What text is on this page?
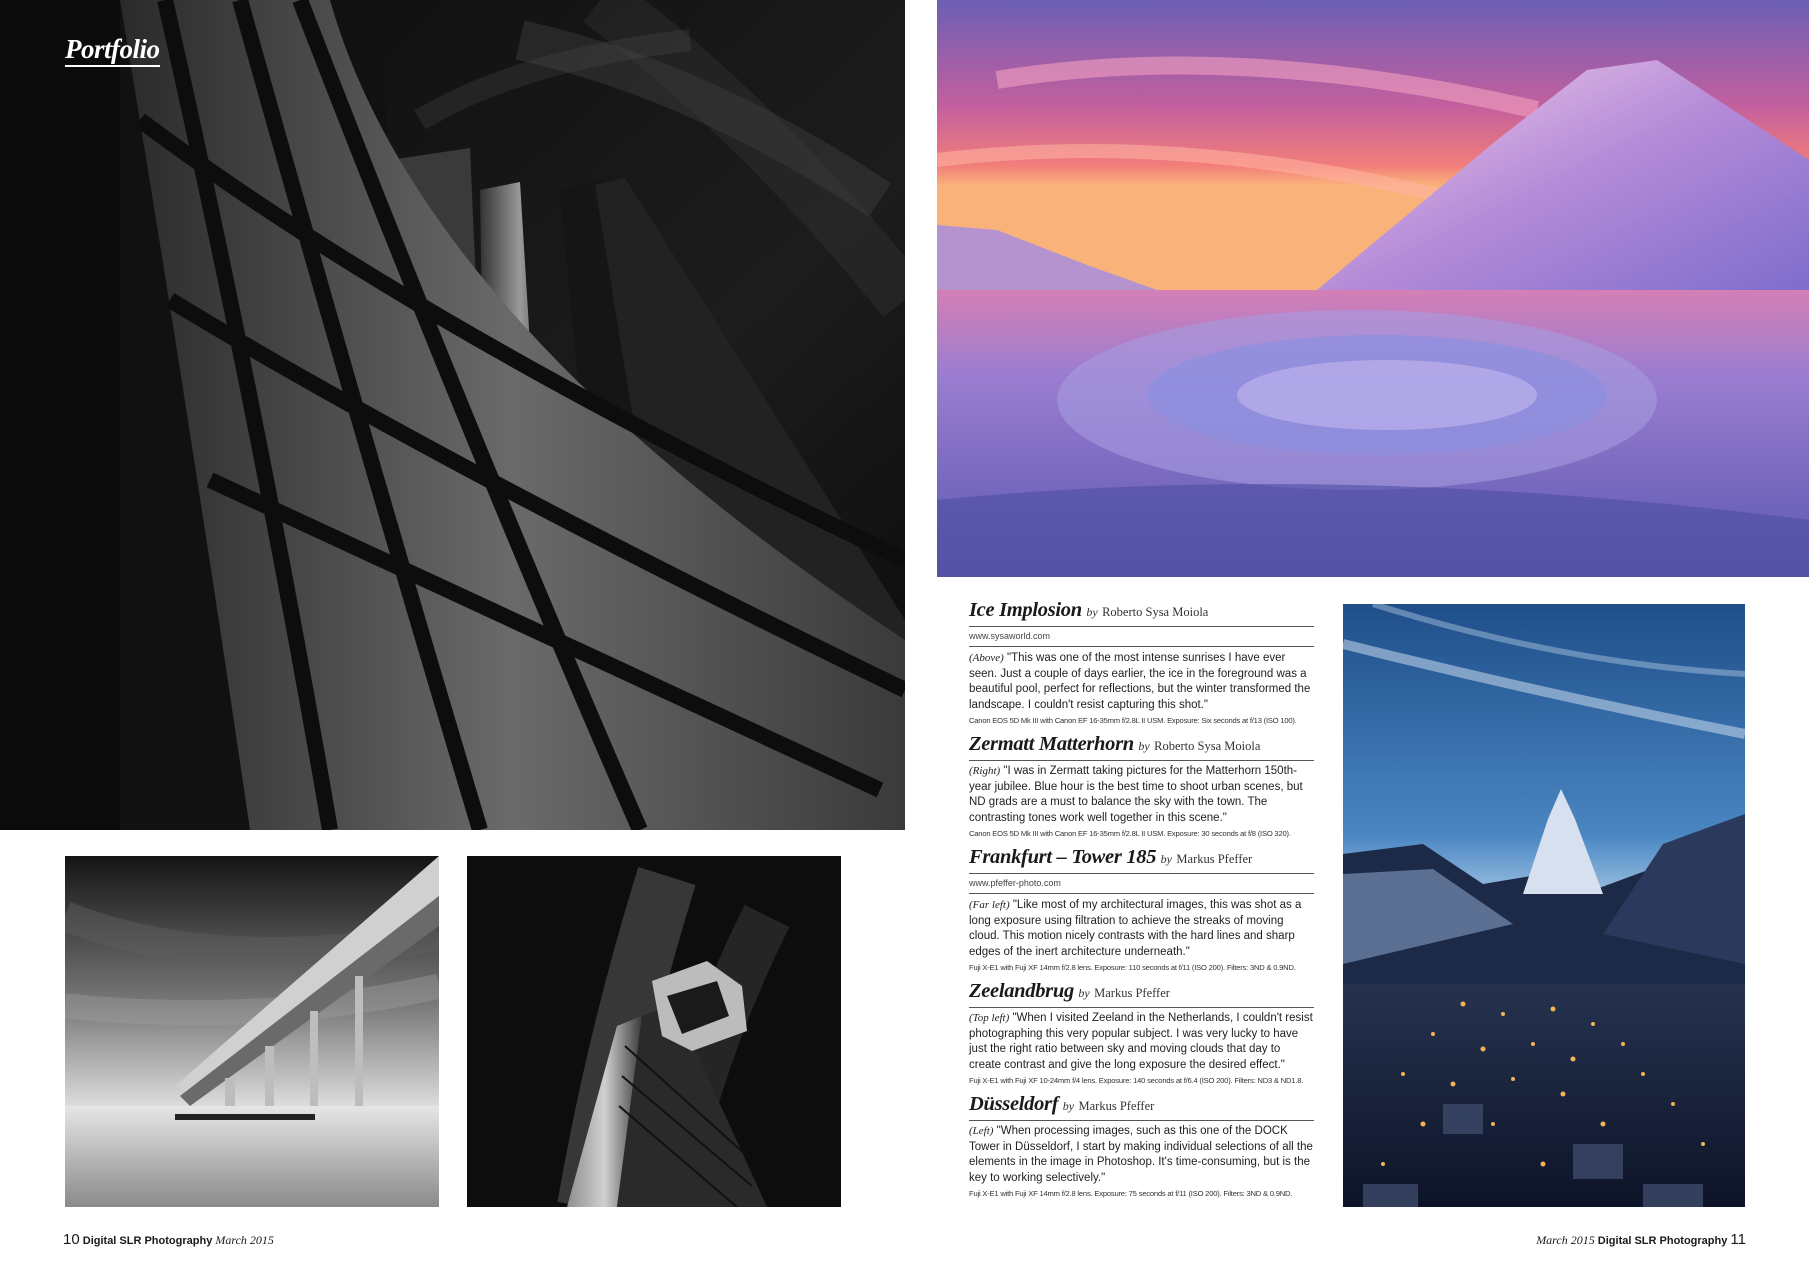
Portfolio
Ice Implosion by Roberto Sysa Moiola
www.sysaworld.com

(Above) "This was one of the most intense sunrises I have ever seen. Just a couple of days earlier, the ice in the foreground was a beautiful pool, perfect for reflections, but the winter transformed the landscape. I couldn't resist capturing this shot."

Canon EOS 5D Mk III with Canon EF 16-35mm f/2.8L II USM. Exposure: Six seconds at f/13 (ISO 100).
Zermatt Matterhorn by Roberto Sysa Moiola

(Right) "I was in Zermatt taking pictures for the Matterhorn 150th-year jubilee. Blue hour is the best time to shoot urban scenes, but ND grads are a must to balance the sky with the town. The contrasting tones work well together in this scene."

Canon EOS 5D Mk III with Canon EF 16-35mm f/2.8L II USM. Exposure: 30 seconds at f/8 (ISO 320).
Frankfurt – Tower 185 by Markus Pfeffer
www.pfeffer-photo.com

(Far left) "Like most of my architectural images, this was shot as a long exposure using filtration to achieve the streaks of moving cloud. This motion nicely contrasts with the hard lines and sharp edges of the inert architecture underneath."

Fuji X-E1 with Fuji XF 14mm f/2.8 lens. Exposure: 110 seconds at f/11 (ISO 200). Filters: 3ND & 0.9ND.
Zeelandbrug by Markus Pfeffer

(Top left) "When I visited Zeeland in the Netherlands, I couldn't resist photographing this very popular subject. I was very lucky to have just the right ratio between sky and moving clouds that day to create contrast and give the long exposure the desired effect."

Fuji X-E1 with Fuji XF 10-24mm f/4 lens. Exposure: 140 seconds at f/6.4 (ISO 200). Filters: ND3 & ND1.8.
Düsseldorf by Markus Pfeffer

(Left) "When processing images, such as this one of the DOCK Tower in Düsseldorf, I start by making individual selections of all the elements in the image in Photoshop. It's time-consuming, but is the key to working selectively."

Fuji X-E1 with Fuji XF 14mm f/2.8 lens. Exposure: 75 seconds at f/11 (ISO 200). Filters: 3ND & 0.9ND.
10 Digital SLR Photography March 2015	March 2015 Digital SLR Photography 11
